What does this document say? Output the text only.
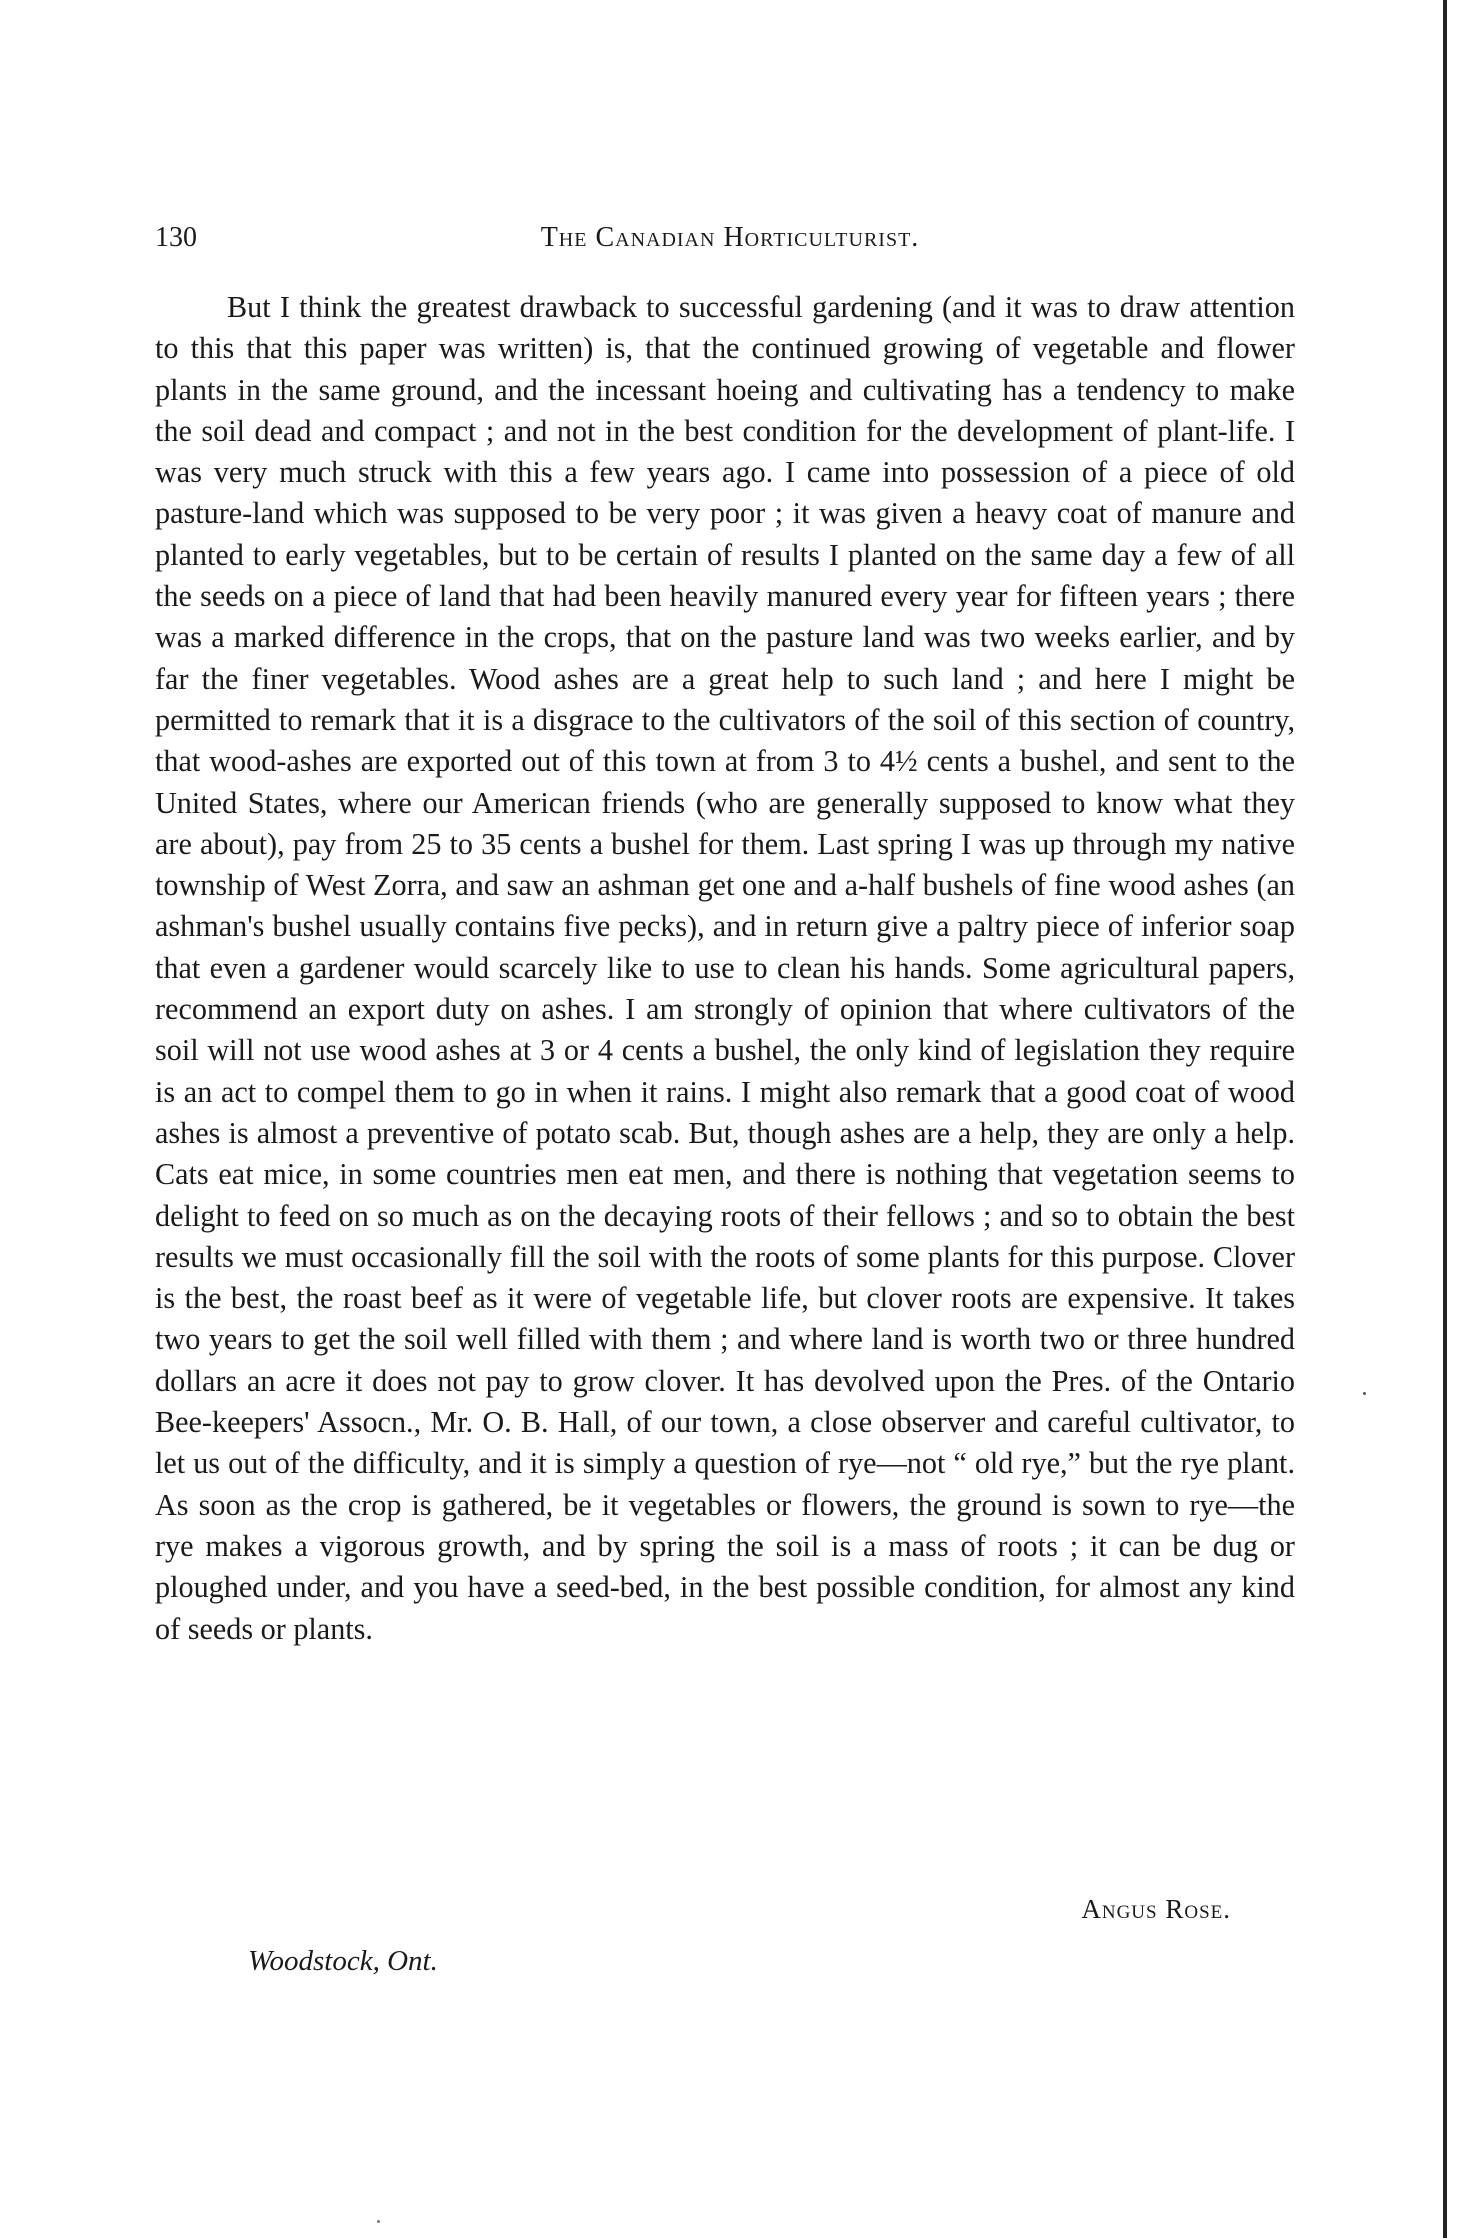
130	The Canadian Horticulturist.

But I think the greatest drawback to successful gardening (and it was to draw attention to this that this paper was written) is, that the continued growing of vegetable and flower plants in the same ground, and the incessant hoeing and cultivating has a tendency to make the soil dead and compact ; and not in the best condition for the development of plant-life. I was very much struck with this a few years ago. I came into possession of a piece of old pasture-land which was supposed to be very poor ; it was given a heavy coat of manure and planted to early vegetables, but to be certain of results I planted on the same day a few of all the seeds on a piece of land that had been heavily manured every year for fifteen years ; there was a marked difference in the crops, that on the pasture land was two weeks earlier, and by far the finer vegetables. Wood ashes are a great help to such land ; and here I might be permitted to remark that it is a disgrace to the cultivators of the soil of this section of country, that wood-ashes are exported out of this town at from 3 to 4½ cents a bushel, and sent to the United States, where our American friends (who are generally supposed to know what they are about), pay from 25 to 35 cents a bushel for them. Last spring I was up through my native township of West Zorra, and saw an ashman get one and a-half bushels of fine wood ashes (an ashman's bushel usually contains five pecks), and in return give a paltry piece of inferior soap that even a gardener would scarcely like to use to clean his hands. Some agricultural papers, recommend an export duty on ashes. I am strongly of opinion that where cultivators of the soil will not use wood ashes at 3 or 4 cents a bushel, the only kind of legislation they require is an act to compel them to go in when it rains. I might also remark that a good coat of wood ashes is almost a preventive of potato scab. But, though ashes are a help, they are only a help. Cats eat mice, in some countries men eat men, and there is nothing that vegetation seems to delight to feed on so much as on the decaying roots of their fellows ; and so to obtain the best results we must occasionally fill the soil with the roots of some plants for this purpose. Clover is the best, the roast beef as it were of vegetable life, but clover roots are expensive. It takes two years to get the soil well filled with them ; and where land is worth two or three hundred dollars an acre it does not pay to grow clover. It has devolved upon the Pres. of the Ontario Bee-keepers' Assocn., Mr. O. B. Hall, of our town, a close observer and careful cultivator, to let us out of the difficulty, and it is simply a question of rye—not “ old rye,” but the rye plant. As soon as the crop is gathered, be it vegetables or flowers, the ground is sown to rye—the rye makes a vigorous growth, and by spring the soil is a mass of roots ; it can be dug or ploughed under, and you have a seed-bed, in the best possible condition, for almost any kind of seeds or plants.

Angus Rose.
Woodstock, Ont.
